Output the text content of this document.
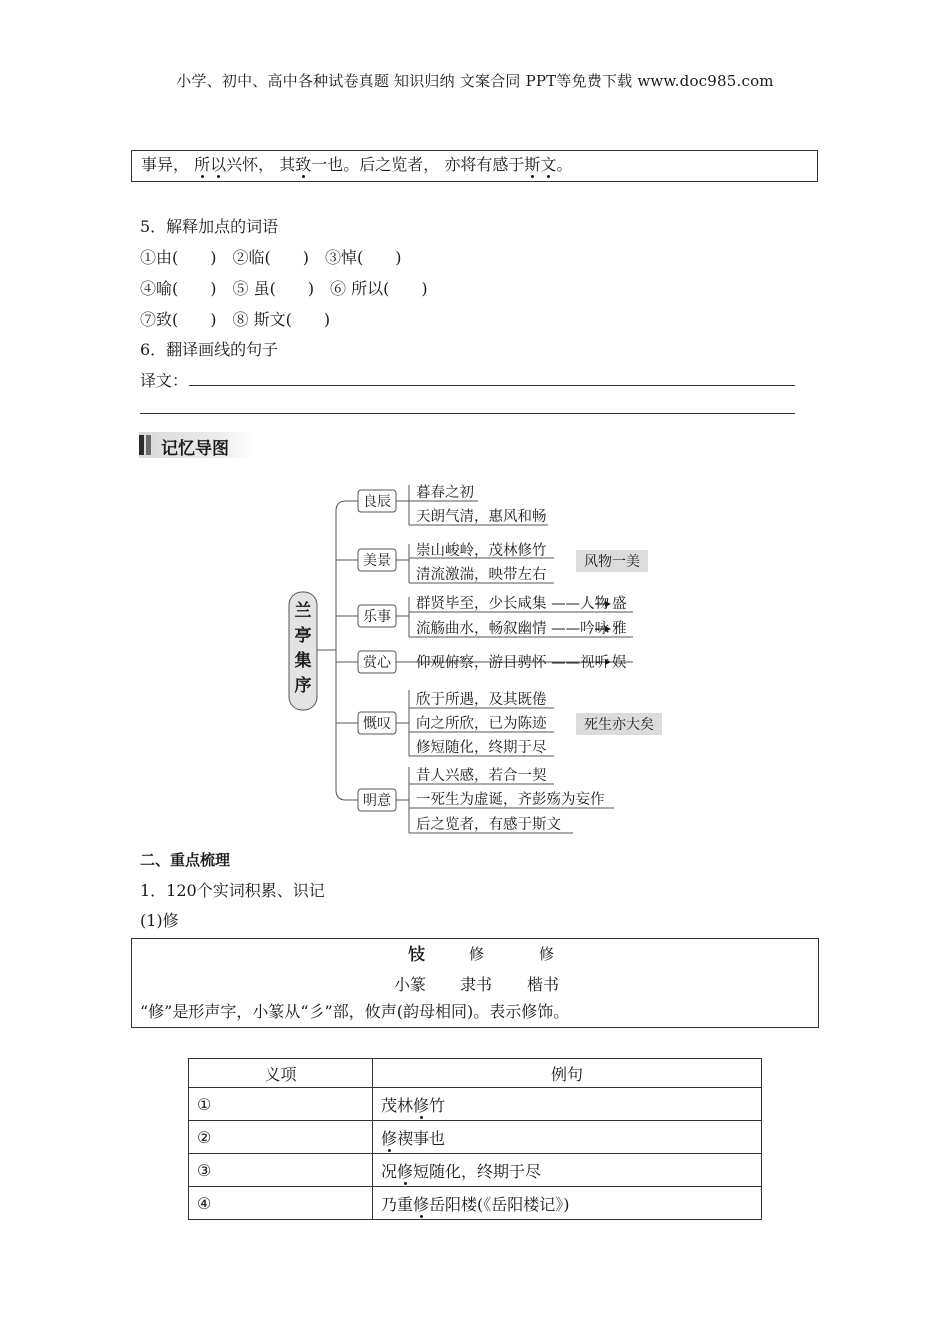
小学、初中、高中各种试卷真题 知识归纳 文案合同 PPT等免费下载 www.doc985.com
事异， 所以兴怀， 其致一也。后之览者， 亦将有感于斯文。
5．解释加点的词语
①由(　　)　②临(　　)　③悼(　　)
④喻(　　)　⑤ 虽(　　)　⑥ 所以(　　)
⑦致(　　)　⑧ 斯文(　　)
6．翻译画线的句子
译文：
记忆导图
兰
亭
集
序
良辰
美景
乐事
赏心
慨叹
明意
暮春之初
天朗气清，惠风和畅
崇山峻岭，茂林修竹
清流激湍，映带左右
群贤毕至，少长咸集 ——人物
流觞曲水，畅叙幽情 ——吟咏
盛
雅
仰观俯察，游目骋怀 ——视听 娱
欣于所遇，及其既倦
向之所欣，已为陈迹
修短随化，终期于尽
昔人兴感，若合一契
一死生为虚诞，齐彭殇为妄作
后之览者，有感于斯文
风物一美
死生亦大矣
二、重点梳理
1．120个实词积累、识记
(1)修
𢼎	修	修
小篆 隶书 楷书
“修”是形声字，小篆从“彡”部，攸声(韵母相同)。表示修饰。
义项	例句
①	茂林修竹
②	修禊事也
③	况修短随化，终期于尽
④	乃重修岳阳楼(《岳阳楼记》)
